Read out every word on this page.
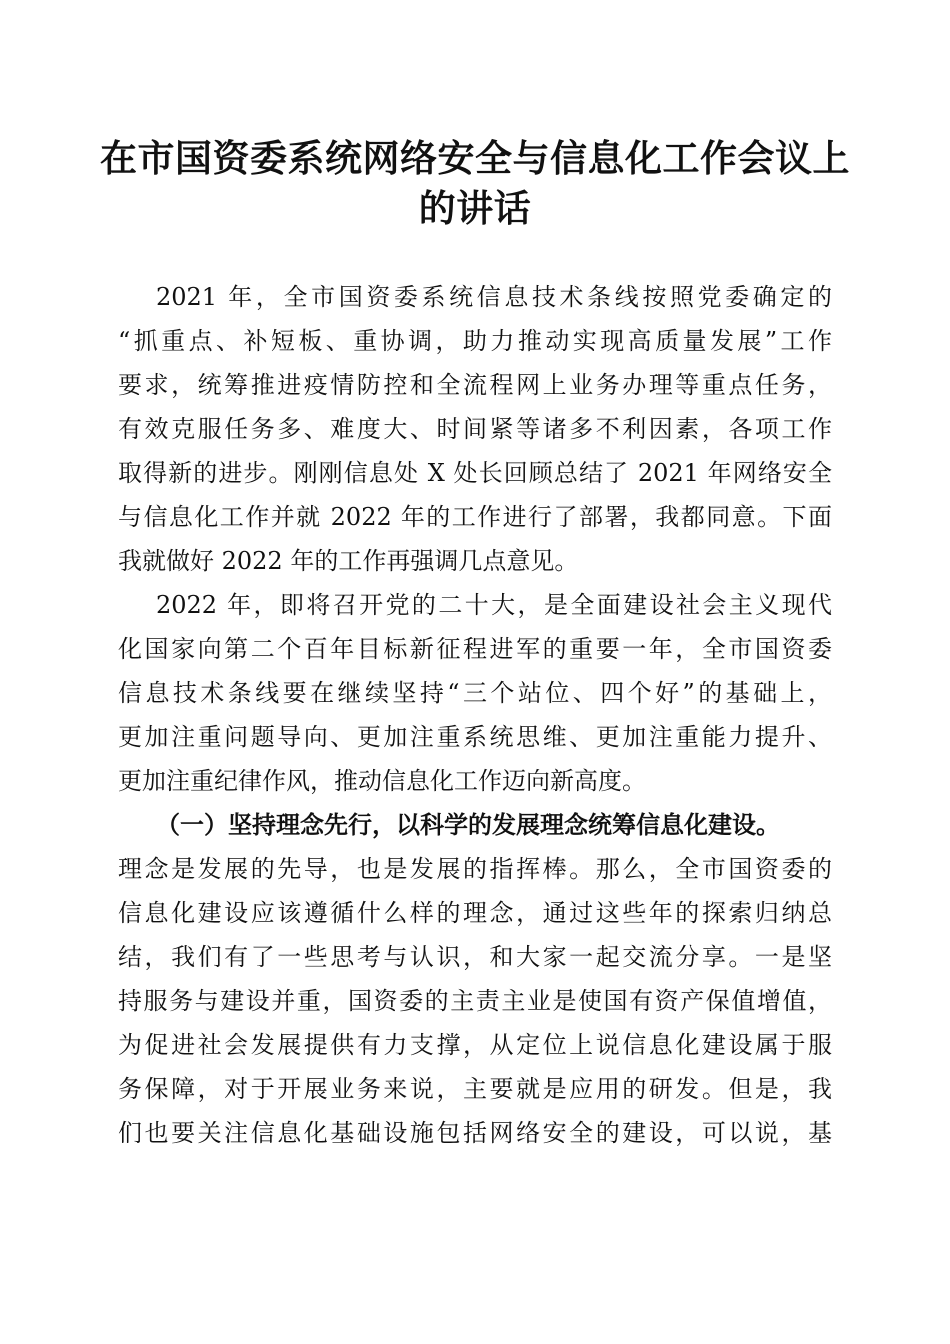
在市国资委系统网络安全与信息化工作会议上
的讲话
2021 年，全市国资委系统信息技术条线按照党委确定的
“抓重点、补短板、重协调，助力推动实现高质量发展”工作
要求，统筹推进疫情防控和全流程网上业务办理等重点任务，
有效克服任务多、难度大、时间紧等诸多不利因素，各项工作
取得新的进步。刚刚信息处 X 处长回顾总结了 2021 年网络安全
与信息化工作并就 2022 年的工作进行了部署，我都同意。下面
我就做好 2022 年的工作再强调几点意见。
2022 年，即将召开党的二十大，是全面建设社会主义现代
化国家向第二个百年目标新征程进军的重要一年，全市国资委
信息技术条线要在继续坚持“三个站位、四个好”的基础上，
更加注重问题导向、更加注重系统思维、更加注重能力提升、
更加注重纪律作风，推动信息化工作迈向新高度。
（一）坚持理念先行，以科学的发展理念统筹信息化建设。
理念是发展的先导，也是发展的指挥棒。那么，全市国资委的
信息化建设应该遵循什么样的理念，通过这些年的探索归纳总
结，我们有了一些思考与认识，和大家一起交流分享。一是坚
持服务与建设并重，国资委的主责主业是使国有资产保值增值，
为促进社会发展提供有力支撑，从定位上说信息化建设属于服
务保障，对于开展业务来说，主要就是应用的研发。但是，我
们也要关注信息化基础设施包括网络安全的建设，可以说，基
